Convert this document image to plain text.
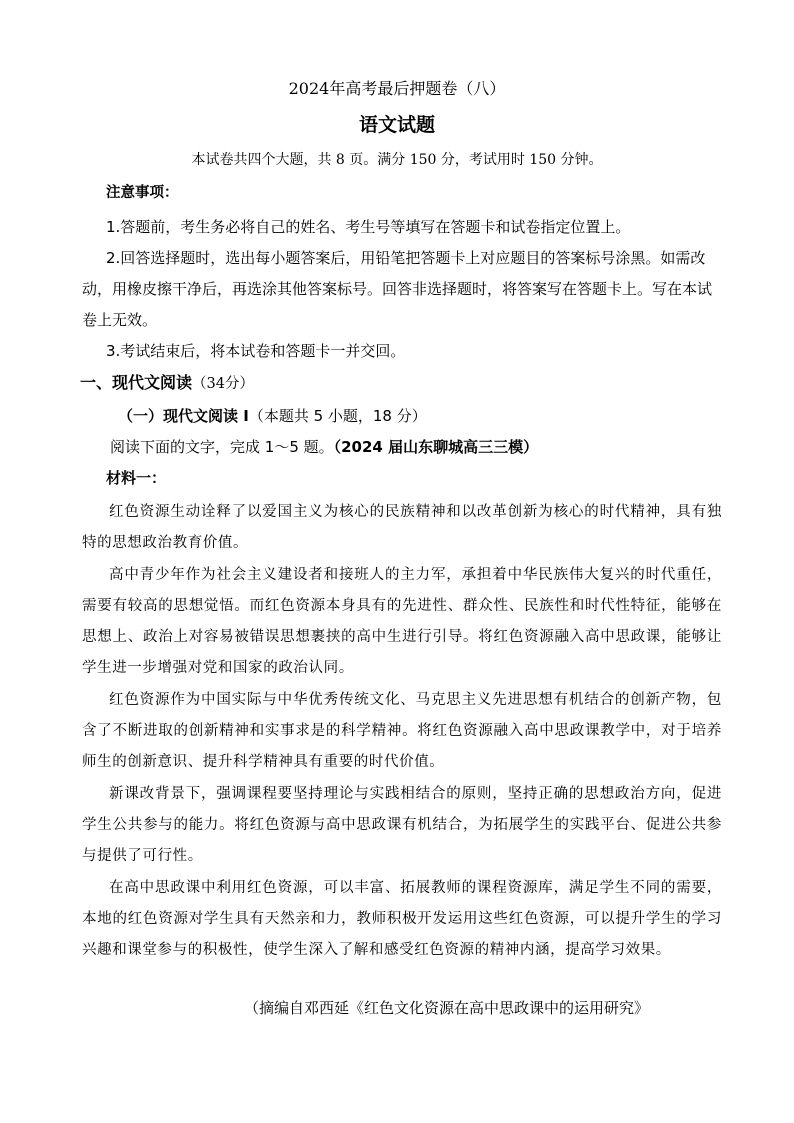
2024年高考最后押题卷（八）
语文试题
本试卷共四个大题，共 8 页。满分 150 分，考试用时 150 分钟。
注意事项：

1.答题前，考生务必将自己的姓名、考生号等填写在答题卡和试卷指定位置上。

2.回答选择题时，选出每小题答案后，用铅笔把答题卡上对应题目的答案标号涂黑。如需改动，用橡皮擦干净后，再选涂其他答案标号。回答非选择题时，将答案写在答题卡上。写在本试卷上无效。

3.考试结束后，将本试卷和答题卡一并交回。

一、现代文阅读（34分）
（一）现代文阅读 I（本题共 5 小题，18 分）
阅读下面的文字，完成 1～5 题。（2024 届山东聊城高三三模）
材料一：

红色资源生动诠释了以爱国主义为核心的民族精神和以改革创新为核心的时代精神，具有独特的思想政治教育价值。

高中青少年作为社会主义建设者和接班人的主力军，承担着中华民族伟大复兴的时代重任，需要有较高的思想觉悟。而红色资源本身具有的先进性、群众性、民族性和时代性特征，能够在思想上、政治上对容易被错误思想裹挟的高中生进行引导。将红色资源融入高中思政课，能够让学生进一步增强对党和国家的政治认同。

红色资源作为中国实际与中华优秀传统文化、马克思主义先进思想有机结合的创新产物，包含了不断进取的创新精神和实事求是的科学精神。将红色资源融入高中思政课教学中，对于培养师生的创新意识、提升科学精神具有重要的时代价值。

新课改背景下，强调课程要坚持理论与实践相结合的原则，坚持正确的思想政治方向，促进学生公共参与的能力。将红色资源与高中思政课有机结合，为拓展学生的实践平台、促进公共参与提供了可行性。

在高中思政课中利用红色资源，可以丰富、拓展教师的课程资源库，满足学生不同的需要，本地的红色资源对学生具有天然亲和力，教师积极开发运用这些红色资源，可以提升学生的学习兴趣和课堂参与的积极性，使学生深入了解和感受红色资源的精神内涵，提高学习效果。

（摘编自邓西延《红色文化资源在高中思政课中的运用研究》
